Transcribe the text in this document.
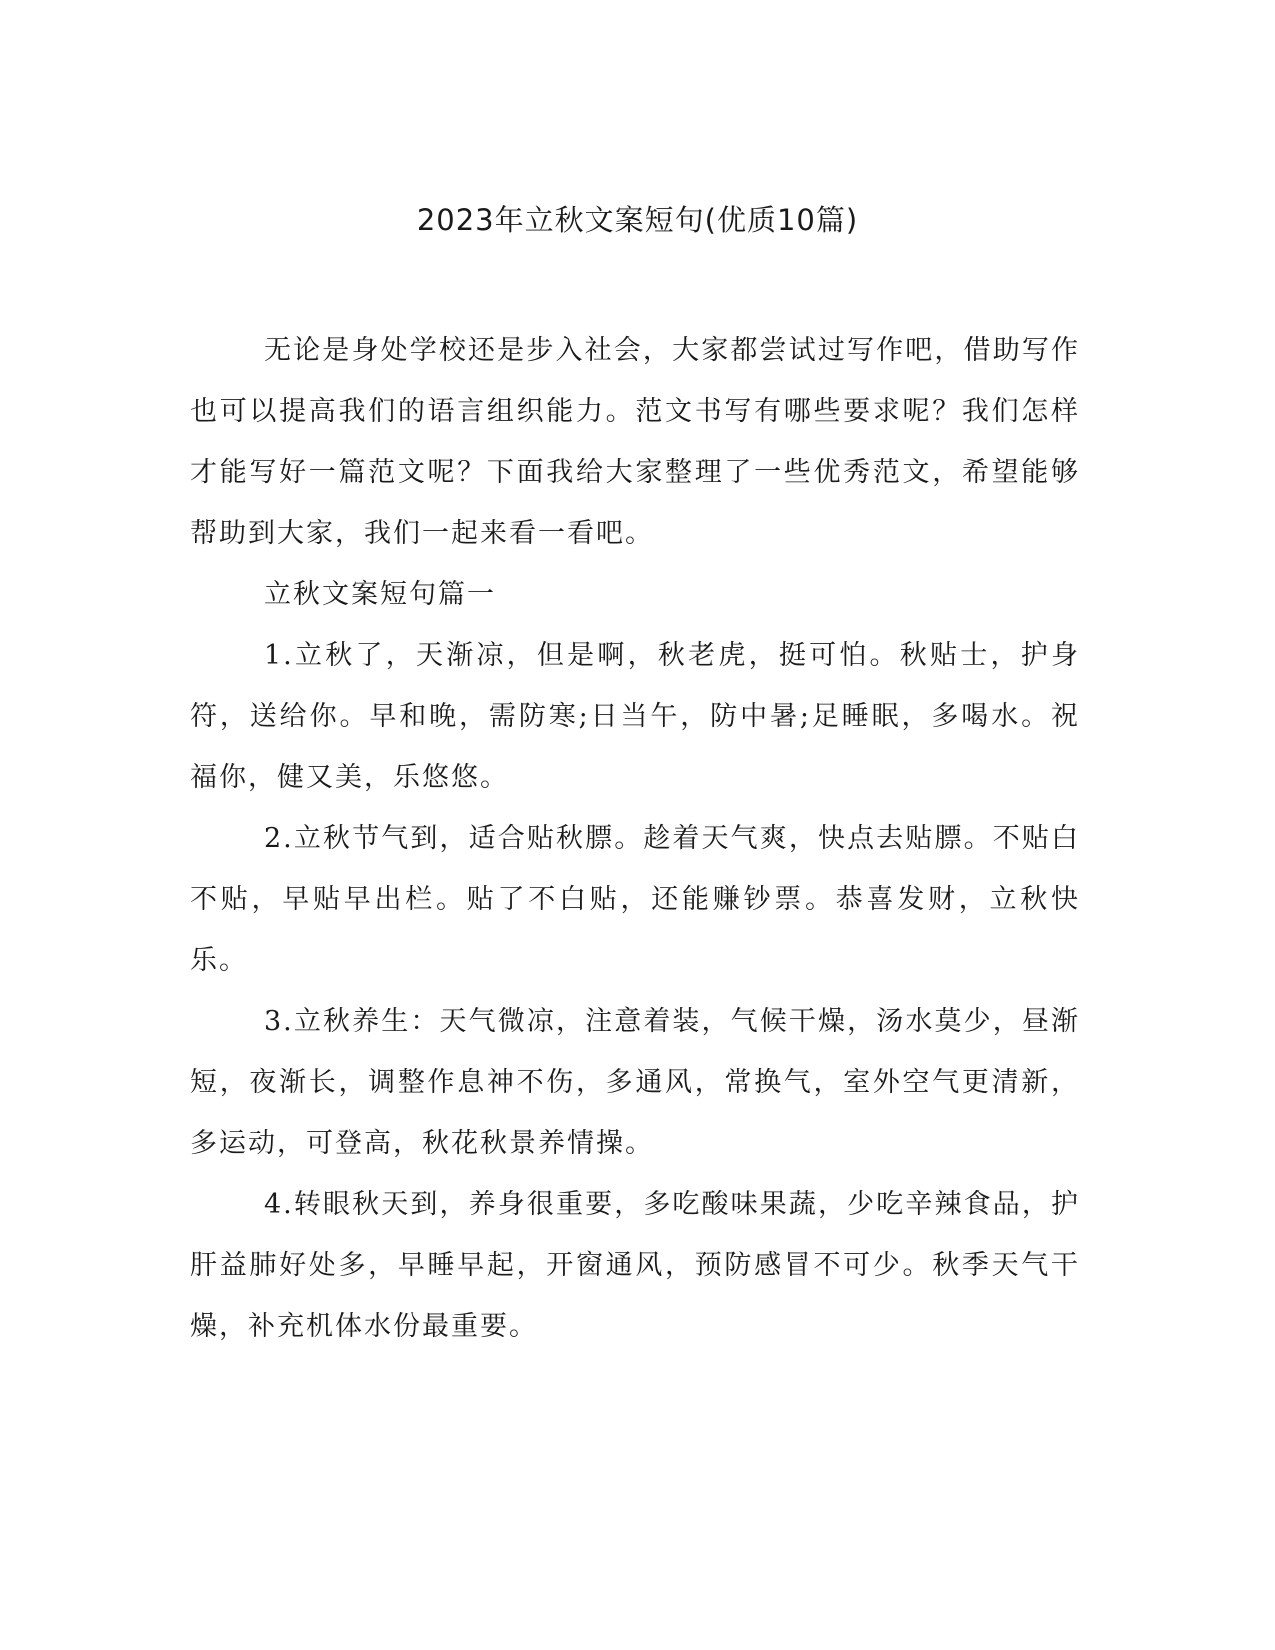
2023年立秋文案短句(优质10篇)

无论是身处学校还是步入社会，大家都尝试过写作吧，借助写作也可以提高我们的语言组织能力。范文书写有哪些要求呢？我们怎样才能写好一篇范文呢？下面我给大家整理了一些优秀范文，希望能够帮助到大家，我们一起来看一看吧。

立秋文案短句篇一

1.立秋了，天渐凉，但是啊，秋老虎，挺可怕。秋贴士，护身符，送给你。早和晚，需防寒;日当午，防中暑;足睡眠，多喝水。祝福你，健又美，乐悠悠。

2.立秋节气到，适合贴秋膘。趁着天气爽，快点去贴膘。不贴白不贴，早贴早出栏。贴了不白贴，还能赚钞票。恭喜发财，立秋快乐。

3.立秋养生：天气微凉，注意着装，气候干燥，汤水莫少，昼渐短，夜渐长，调整作息神不伤，多通风，常换气，室外空气更清新，多运动，可登高，秋花秋景养情操。

4.转眼秋天到，养身很重要，多吃酸味果蔬，少吃辛辣食品，护肝益肺好处多，早睡早起，开窗通风，预防感冒不可少。秋季天气干燥，补充机体水份最重要。
